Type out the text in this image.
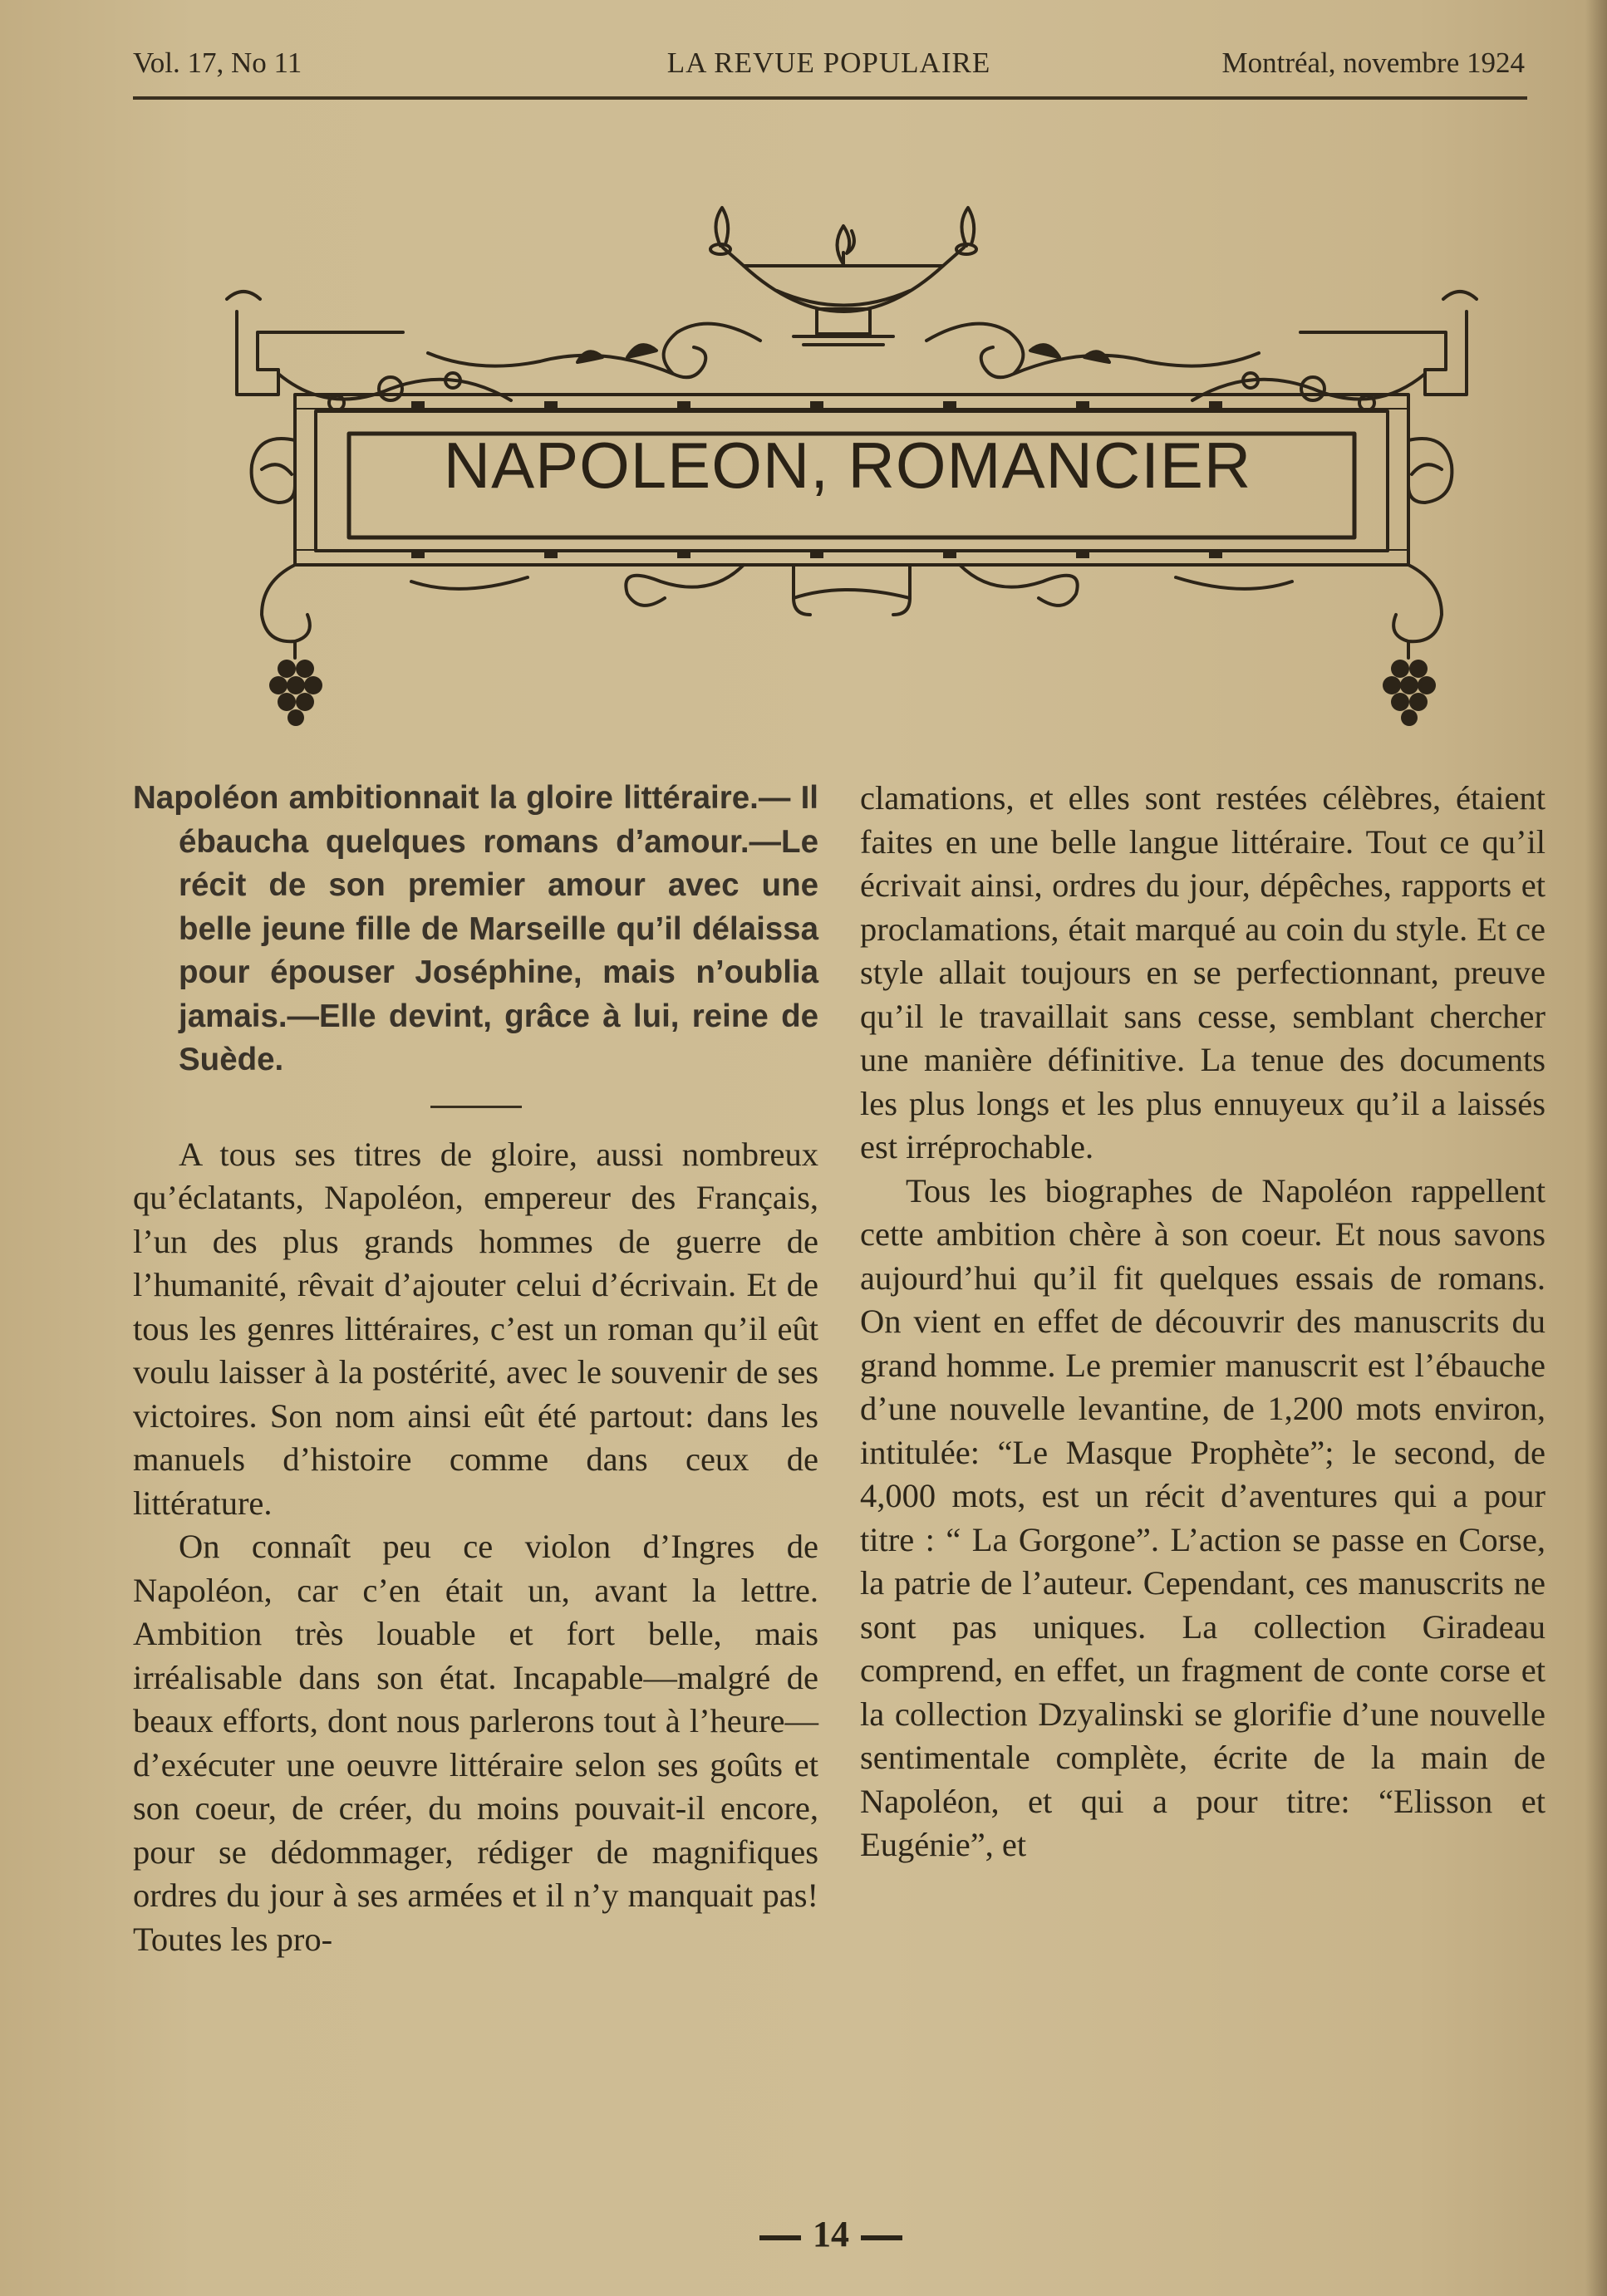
Vol. 17, No 11	LA REVUE POPULAIRE	Montréal, novembre 1924
NAPOLEON, ROMANCIER

Napoléon ambitionnait la gloire littéraire.— Il ébaucha quelques romans d’amour.—Le récit de son premier amour avec une belle jeune fille de Marseille qu’il délaissa pour épouser Joséphine, mais n’oublia jamais.—Elle devint, grâce à lui, reine de Suède.

A tous ses titres de gloire, aussi nombreux qu’éclatants, Napoléon, empereur des Français, l’un des plus grands hommes de guerre de l’humanité, rêvait d’ajouter celui d’écrivain. Et de tous les genres littéraires, c’est un roman qu’il eût voulu laisser à la postérité, avec le souvenir de ses victoires. Son nom ainsi eût été partout: dans les manuels d’histoire comme dans ceux de littérature.

On connaît peu ce violon d’Ingres de Napoléon, car c’en était un, avant la lettre. Ambition très louable et fort belle, mais irréalisable dans son état. Incapable—malgré de beaux efforts, dont nous parlerons tout à l’heure—d’exécuter une oeuvre littéraire selon ses goûts et son coeur, de créer, du moins pouvait-il encore, pour se dédommager, rédiger de magnifiques ordres du jour à ses armées et il n’y manquait pas! Toutes les pro-

clamations, et elles sont restées célèbres, étaient faites en une belle langue littéraire. Tout ce qu’il écrivait ainsi, ordres du jour, dépêches, rapports et proclamations, était marqué au coin du style. Et ce style allait toujours en se perfectionnant, preuve qu’il le travaillait sans cesse, semblant chercher une manière définitive. La tenue des documents les plus longs et les plus ennuyeux qu’il a laissés est irréprochable.

Tous les biographes de Napoléon rappellent cette ambition chère à son coeur. Et nous savons aujourd’hui qu’il fit quelques essais de romans. On vient en effet de découvrir des manuscrits du grand homme. Le premier manuscrit est l’ébauche d’une nouvelle levantine, de 1,200 mots environ, intitulée: “Le Masque Prophète”; le second, de 4,000 mots, est un récit d’aventures qui a pour titre : “ La Gorgone”. L’action se passe en Corse, la patrie de l’auteur. Cependant, ces manuscrits ne sont pas uniques. La collection Giradeau comprend, en effet, un fragment de conte corse et la collection Dzyalinski se glorifie d’une nouvelle sentimentale complète, écrite de la main de Napoléon, et qui a pour titre: “Elisson et Eugénie”, et

14
